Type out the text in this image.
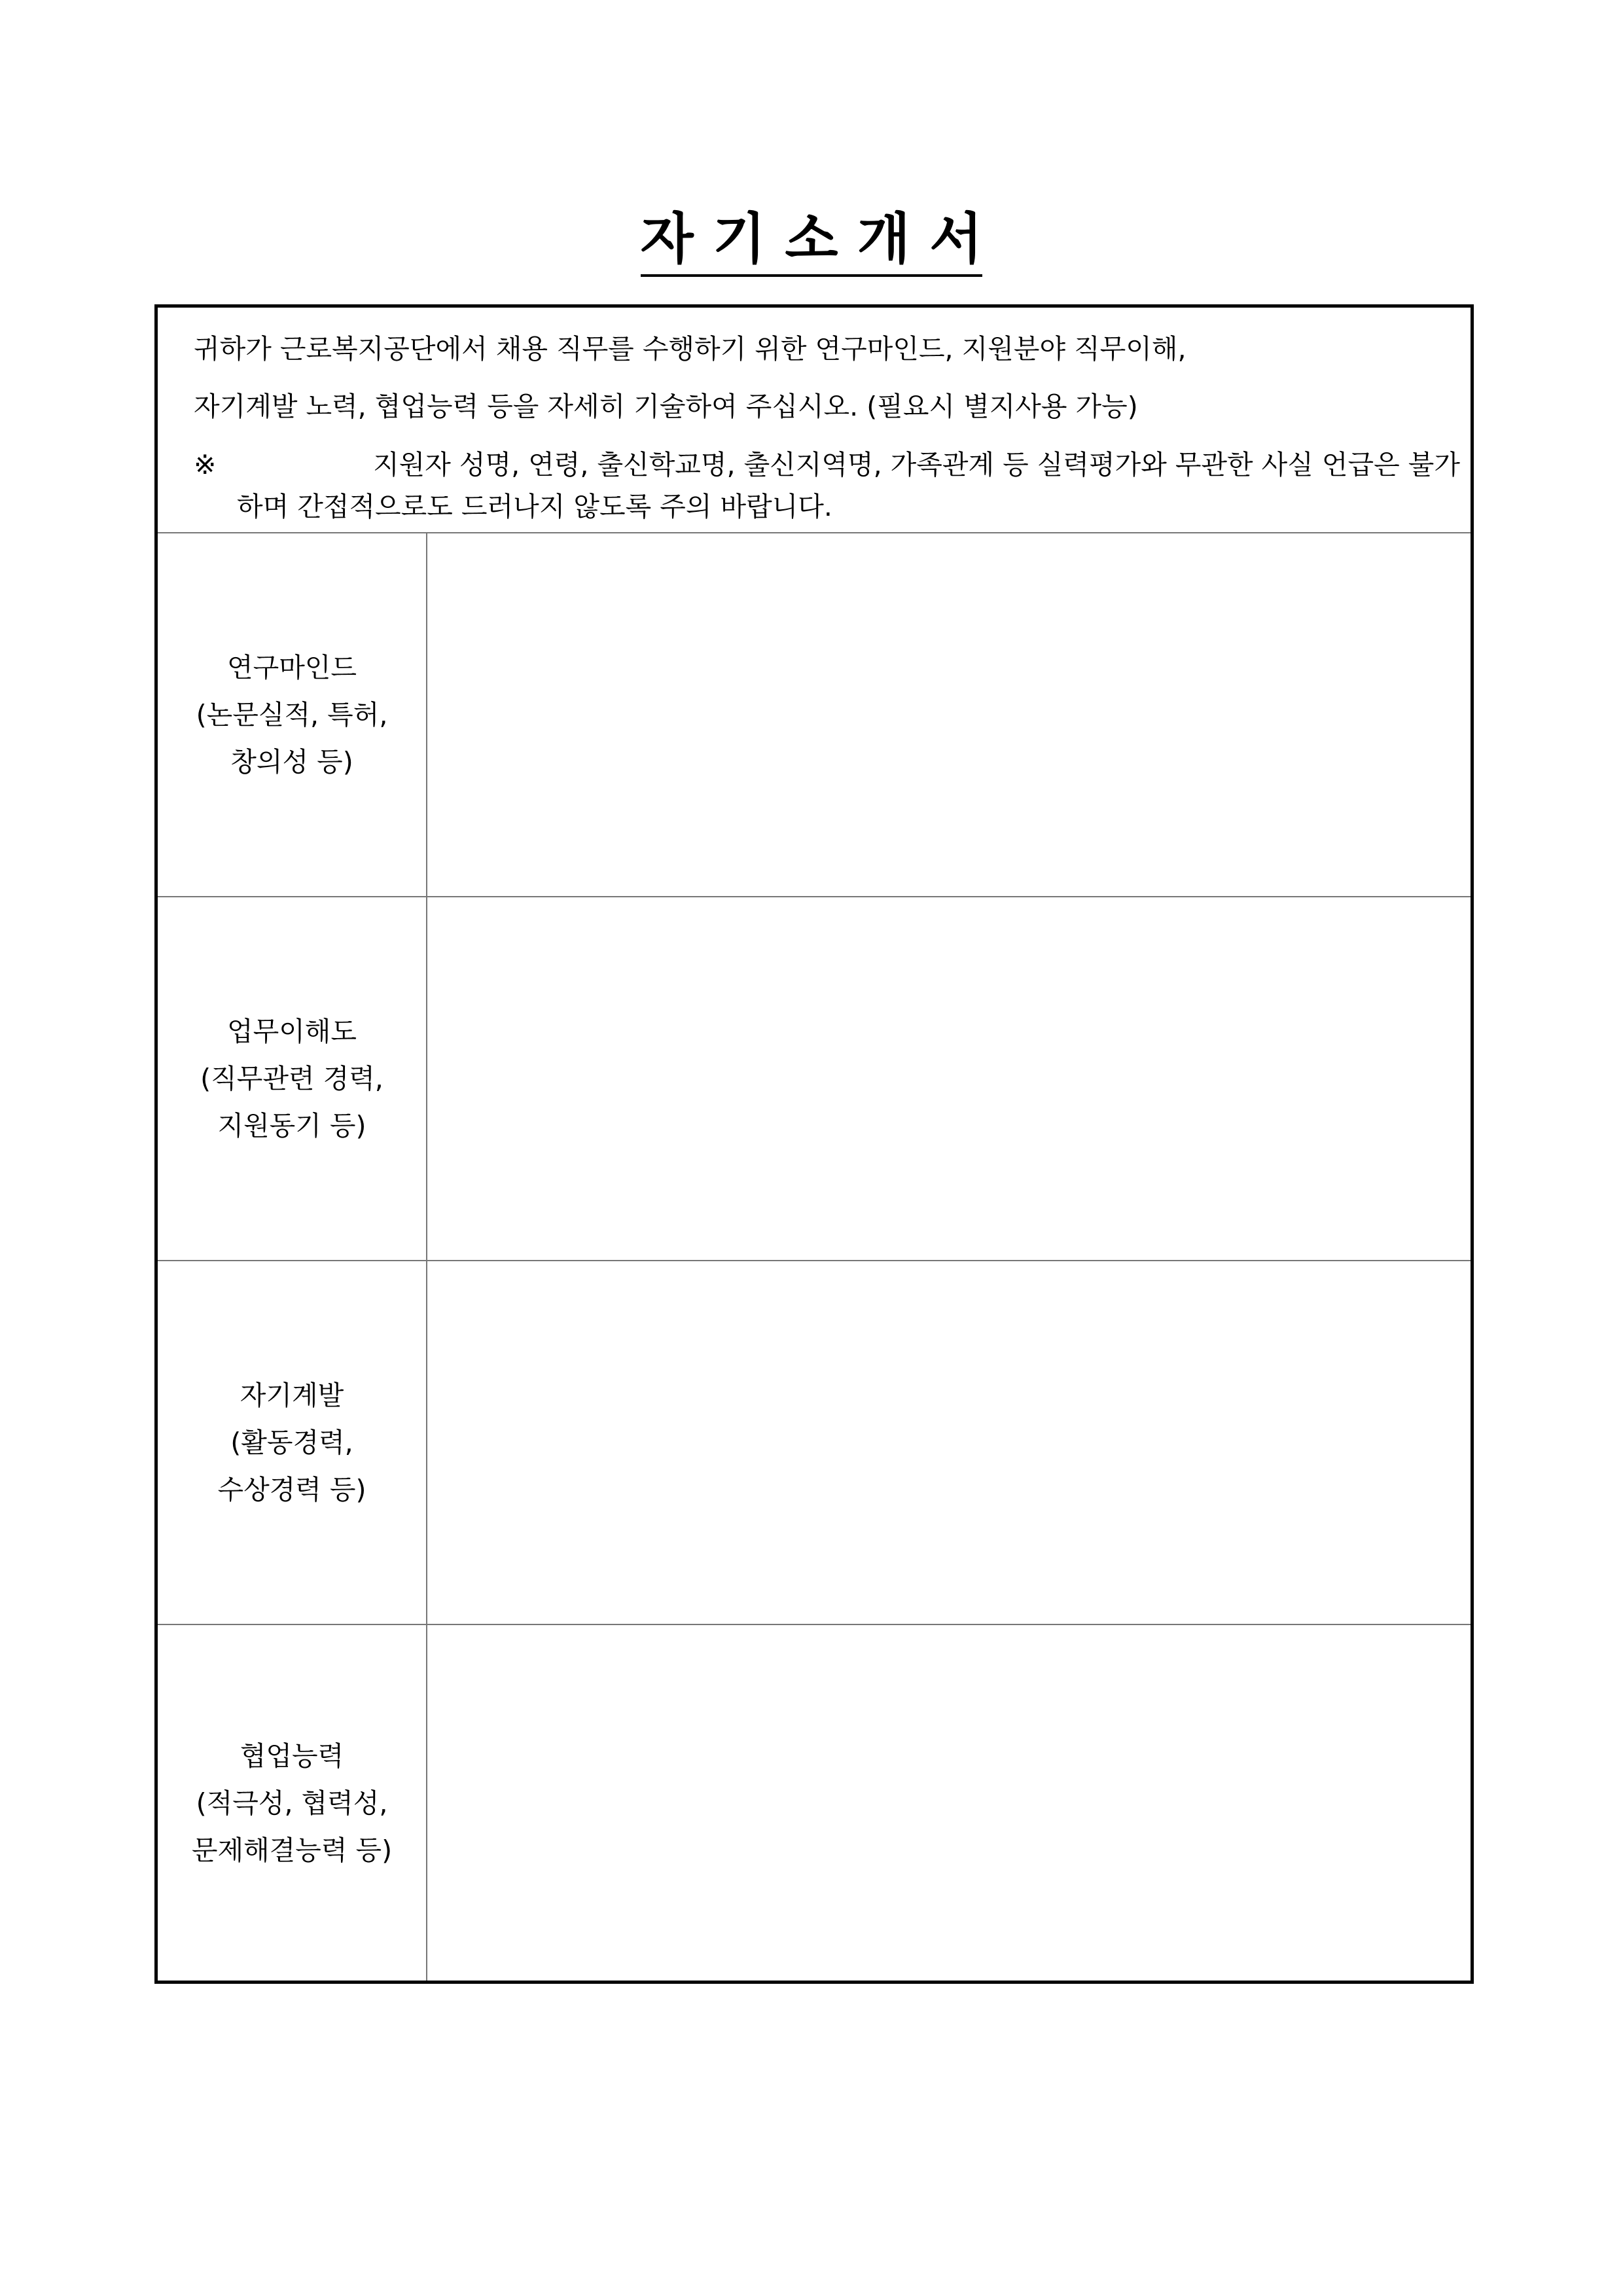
자 기 소 개 서
귀하가 근로복지공단에서 채용 직무를 수행하기 위한 연구마인드, 지원분야 직무이해,
자기계발 노력, 협업능력 등을 자세히 기술하여 주십시오. (필요시 별지사용 가능)
※	지원자 성명, 연령, 출신학교명, 출신지역명, 가족관계 등 실력평가와 무관한 사실 언급은 불가
하며 간접적으로도 드러나지 않도록 주의 바랍니다.
연구마인드
(논문실적, 특허,
창의성 등)
업무이해도
(직무관련 경력,
지원동기 등)
자기계발
(활동경력,
수상경력 등)
협업능력
(적극성, 협력성,
문제해결능력 등)
